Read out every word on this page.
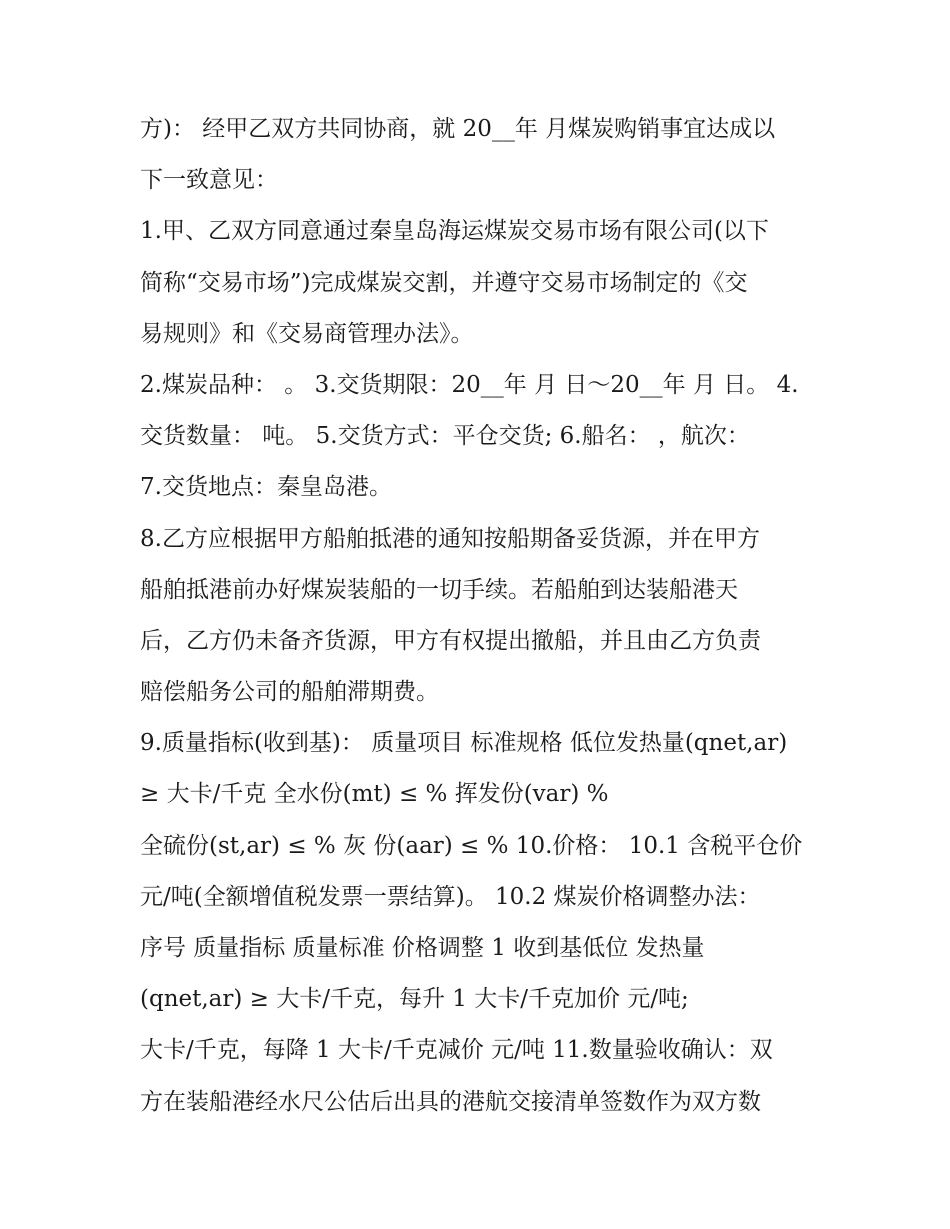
方)： 经甲乙双方共同协商，就 20__年 月煤炭购销事宜达成以
下一致意见：
1.甲、乙双方同意通过秦皇岛海运煤炭交易市场有限公司(以下
简称“交易市场”)完成煤炭交割，并遵守交易市场制定的《交
易规则》和《交易商管理办法》。
2.煤炭品种： 。 3.交货期限：20__年 月 日～20__年 月 日。 4.
交货数量： 吨。 5.交货方式：平仓交货; 6.船名： ，航次：
7.交货地点：秦皇岛港。
8.乙方应根据甲方船舶抵港的通知按船期备妥货源，并在甲方
船舶抵港前办好煤炭装船的一切手续。若船舶到达装船港天
后，乙方仍未备齐货源，甲方有权提出撤船，并且由乙方负责
赔偿船务公司的船舶滞期费。
9.质量指标(收到基)： 质量项目 标准规格 低位发热量(qnet,ar)
≥ 大卡/千克 全水份(mt) ≤ % 挥发份(var) %
全硫份(st,ar) ≤ % 灰 份(aar) ≤ % 10.价格： 10.1 含税平仓价
元/吨(全额增值税发票一票结算)。 10.2 煤炭价格调整办法：
序号 质量指标 质量标准 价格调整 1 收到基低位 发热量
(qnet,ar) ≥ 大卡/千克，每升 1 大卡/千克加价 元/吨;
大卡/千克，每降 1 大卡/千克减价 元/吨 11.数量验收确认：双
方在装船港经水尺公估后出具的港航交接清单签数作为双方数
